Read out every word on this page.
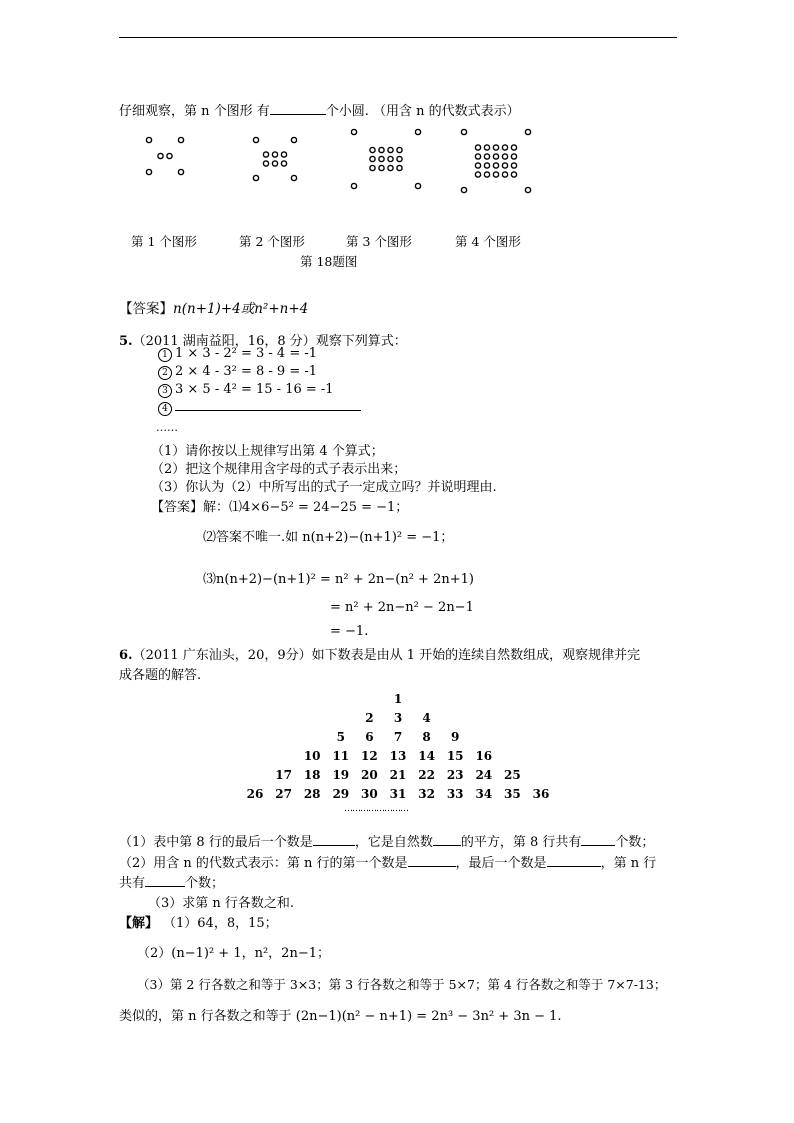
仔细观察，第 n 个图形 有	个小圆. （用含 n 的代数式表示）
第 1 个图形	第 2 个图形	第 3 个图形	第 4 个图形
第 18题图
【答案】n(n+1)+4或n²+n+4
5.（2011 湖南益阳，16，8 分）观察下列算式：
1 1 × 3 - 2² = 3 - 4 = -1
2 2 × 4 - 3² = 8 - 9 = -1
3 3 × 5 - 4² = 15 - 16 = -1
4
……
（1）请你按以上规律写出第 4 个算式；
（2）把这个规律用含字母的式子表示出来；
（3）你认为（2）中所写出的式子一定成立吗？并说明理由.
【答案】解：⑴4×6−5² = 24−25 = −1；
⑵答案不唯一.如 n(n+2)−(n+1)² = −1；
⑶n(n+2)−(n+1)² = n² + 2n−(n² + 2n+1)
= n² + 2n−n² − 2n−1
= −1.
6.（2011 广东汕头，20，9分）如下数表是由从 1 开始的连续自然数组成，观察规律并完
成各题的解答.
1
2	3	4
5	6	7	8	9
10 11 12 13 14 15 16
17 18 19 20 21 22 23 24 25
26 27 28 29 30 31 32 33 34 35 36
……………………
（1）表中第 8 行的最后一个数是	，它是自然数 的平方，第 8 行共有	个数；
（2）用含 n 的代数式表示：第 n 行的第一个数是	，最后一个数是	，第 n 行
共有	个数；
（3）求第 n 行各数之和.
【解】 （1）64，8，15；
（2）(n−1)² + 1，n²，2n−1；
（3）第 2 行各数之和等于 3×3；第 3 行各数之和等于 5×7；第 4 行各数之和等于 7×7-13；
类似的，第 n 行各数之和等于 (2n−1)(n² − n+1) = 2n³ − 3n² + 3n − 1.
